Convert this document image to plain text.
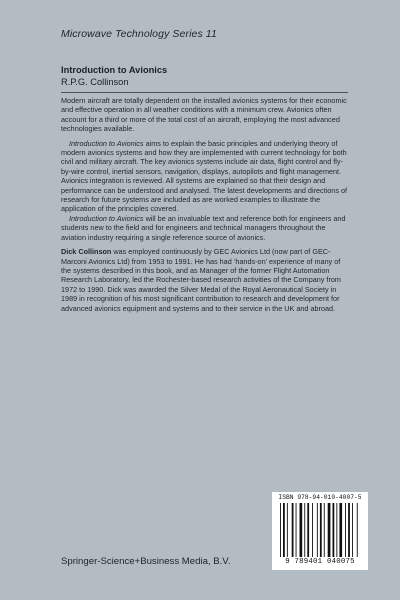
Microwave Technology Series 11
Introduction to Avionics
R.P.G. Collinson

Modern aircraft are totally dependent on the installed avionics systems for their economic and effective operation in all weather conditions with a minimum crew. Avionics often account for a third or more of the total cost of an aircraft, employing the most advanced technologies available.

Introduction to Avionics aims to explain the basic principles and underlying theory of modern avionics systems and how they are implemented with current technology for both civil and military aircraft. The key avionics systems include air data, flight control and fly-by-wire control, inertial sensors, navigation, displays, autopilots and flight management. Avionics integration is reviewed. All systems are explained so that their design and performance can be understood and analysed. The latest developments and directions of research for future systems are included as are worked examples to illustrate the application of the principles covered.

Introduction to Avionics will be an invaluable text and reference both for engineers and students new to the field and for engineers and technical managers throughout the aviation industry requiring a single reference source of avionics.

Dick Collinson was employed continuously by GEC Avionics Ltd (now part of GEC-Marconi Avionics Ltd) from 1953 to 1991. He has had ‘hands-on’ experience of many of the systems described in this book, and as Manager of the former Flight Automation Research Laboratory, led the Rochester-based research activities of the Company from 1972 to 1990. Dick was awarded the Silver Medal of the Royal Aeronautical Society in 1989 in recognition of his most significant contribution to research and development for advanced avionics equipment and systems and to their service in the UK and abroad.

ISBN 978-94-010-4007-5
9 789401 040075
Springer-Science+Business Media, B.V.
